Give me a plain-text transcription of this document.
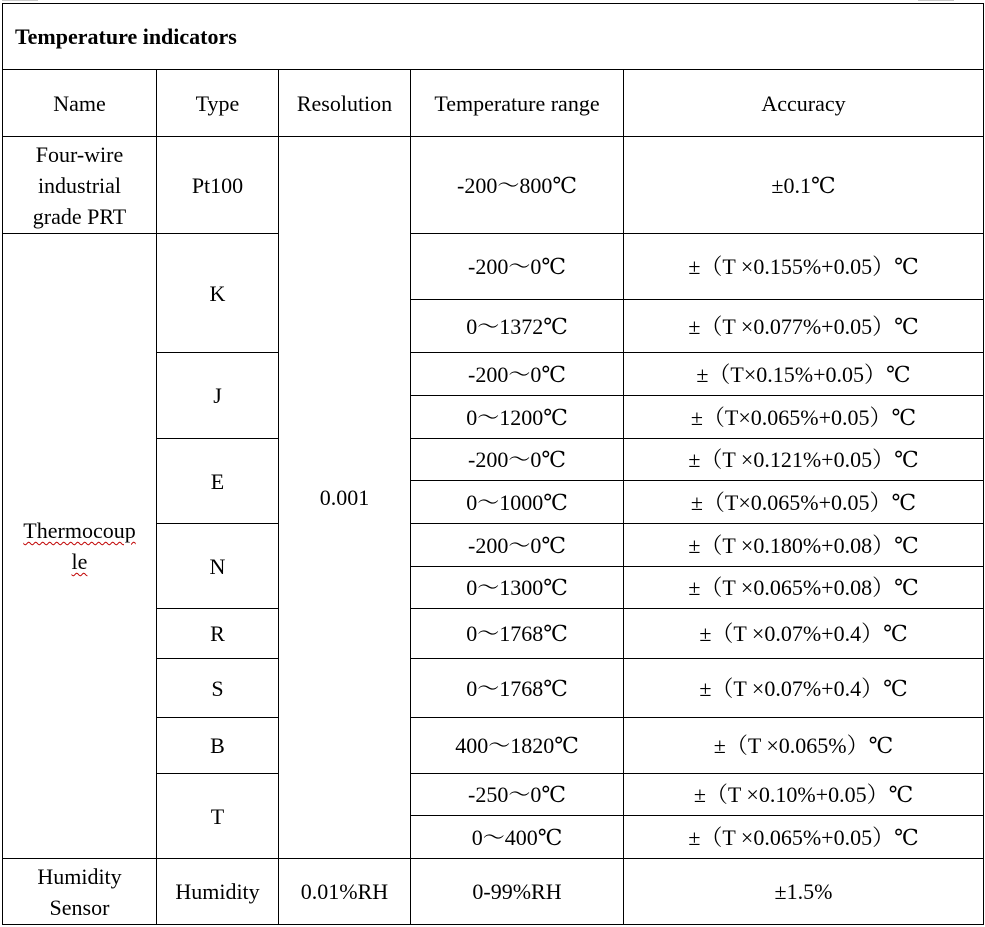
Temperature indicators				
Name	Type	Resolution	Temperature range	Accuracy

Four-wire
industrial
grade PRT	Pt100	0.001	-200～800℃	±0.1℃

Thermocoup
le	K		-200～0℃	±（T ×0.155%+0.05）℃
			0～1372℃	±（T ×0.077%+0.05）℃
	J		-200～0℃	±（T×0.15%+0.05）℃
			0～1200℃	±（T×0.065%+0.05）℃
	E		-200～0℃	±（T ×0.121%+0.05）℃
			0～1000℃	±（T×0.065%+0.05）℃
	N		-200～0℃	±（T ×0.180%+0.08）℃
			0～1300℃	±（T ×0.065%+0.08）℃
	R		0～1768℃	±（T ×0.07%+0.4）℃
	S		0～1768℃	±（T ×0.07%+0.4）℃
	B		400～1820℃	±（T ×0.065%）℃
	T		-250～0℃	±（T ×0.10%+0.05）℃
			0～400℃	±（T ×0.065%+0.05）℃

Humidity
Sensor	Humidity	0.01%RH	0-99%RH	±1.5%
